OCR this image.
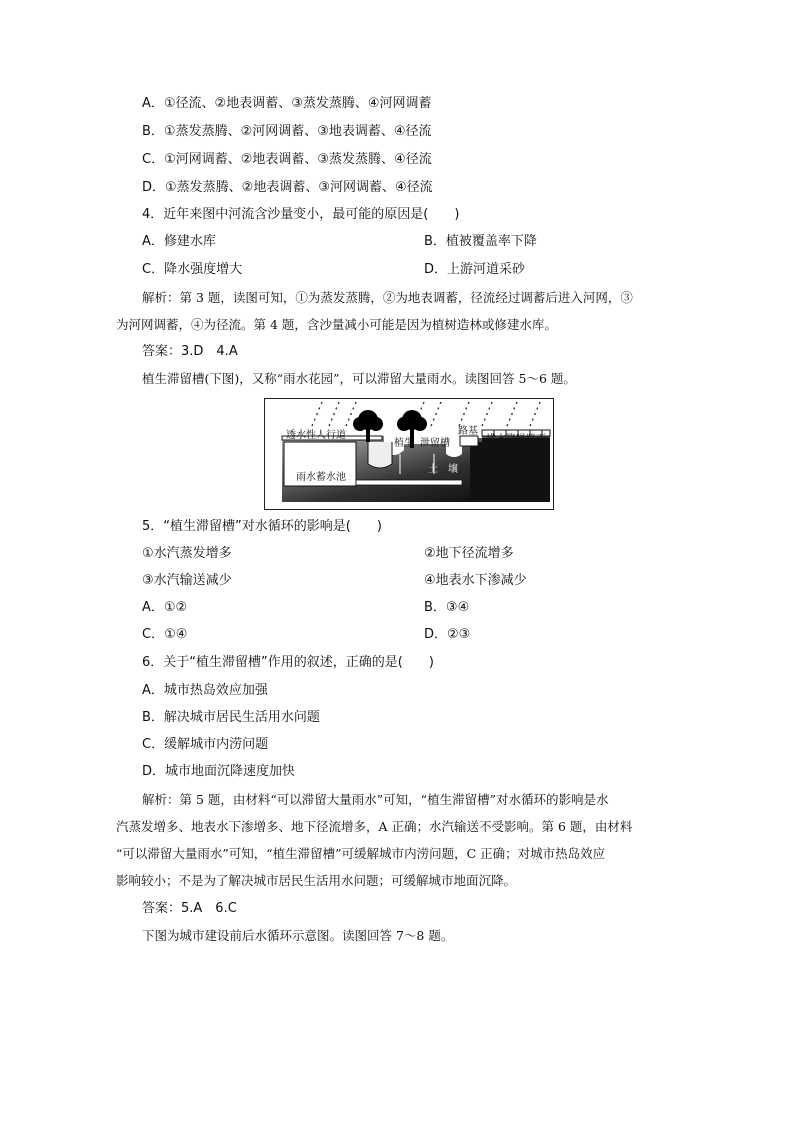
A．①径流、②地表调蓄、③蒸发蒸腾、④河网调蓄
B．①蒸发蒸腾、②河网调蓄、③地表调蓄、④径流
C．①河网调蓄、②地表调蓄、③蒸发蒸腾、④径流
D．①蒸发蒸腾、②地表调蓄、③河网调蓄、④径流
4．近年来图中河流含沙量变小，最可能的原因是(　　)
A．修建水库	B．植被覆盖率下降
C．降水强度增大	D．上游河道采砂
解析：第 3 题，读图可知，①为蒸发蒸腾，②为地表调蓄，径流经过调蓄后进入河网，③
为河网调蓄，④为径流。第 4 题，含沙量减小可能是因为植树造林或修建水库。
答案：3.D　4.A
植生滞留槽(下图)，又称“雨水花园”，可以滞留大量雨水。读图回答 5～6 题。
透水性人行道
植生 泄留槽
路基
排水降噪路面
雨水蓄水池
土　壤
5．“植生滞留槽”对水循环的影响是(　　)
①水汽蒸发增多	②地下径流增多
③水汽输送减少	④地表水下渗减少
A．①②	B．③④
C．①④	D．②③
6．关于“植生滞留槽”作用的叙述，正确的是(　　)
A．城市热岛效应加强
B．解决城市居民生活用水问题
C．缓解城市内涝问题
D．城市地面沉降速度加快
解析：第 5 题，由材料“可以滞留大量雨水”可知，“植生滞留槽”对水循环的影响是水
汽蒸发增多、地表水下渗增多、地下径流增多，A 正确；水汽输送不受影响。第 6 题，由材料
“可以滞留大量雨水”可知，“植生滞留槽”可缓解城市内涝问题，C 正确；对城市热岛效应
影响较小；不是为了解决城市居民生活用水问题；可缓解城市地面沉降。
答案：5.A　6.C
下图为城市建设前后水循环示意图。读图回答 7～8 题。
